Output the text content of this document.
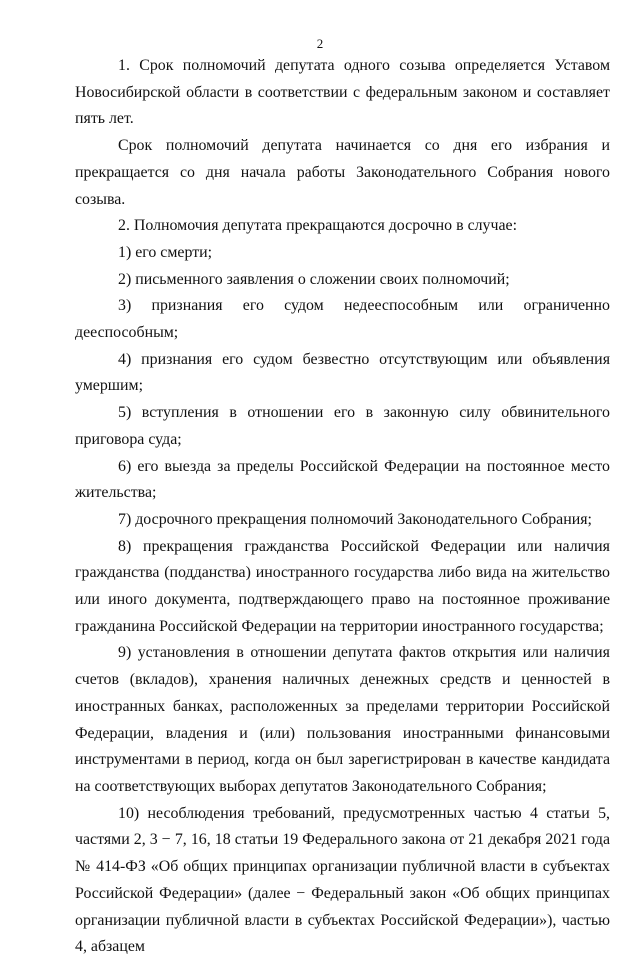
2

1. Срок полномочий депутата одного созыва определяется Уставом Новосибирской области в соответствии с федеральным законом и составляет пять лет.

Срок полномочий депутата начинается со дня его избрания и прекращается со дня начала работы Законодательного Собрания нового созыва.

2. Полномочия депутата прекращаются досрочно в случае:

1) его смерти;

2) письменного заявления о сложении своих полномочий;

3) признания его судом недееспособным или ограниченно дееспособным;

4) признания его судом безвестно отсутствующим или объявления умершим;

5) вступления в отношении его в законную силу обвинительного приговора суда;

6) его выезда за пределы Российской Федерации на постоянное место жительства;

7) досрочного прекращения полномочий Законодательного Собрания;

8) прекращения гражданства Российской Федерации или наличия гражданства (подданства) иностранного государства либо вида на жительство или иного документа, подтверждающего право на постоянное проживание гражданина Российской Федерации на территории иностранного государства;

9) установления в отношении депутата фактов открытия или наличия счетов (вкладов), хранения наличных денежных средств и ценностей в иностранных банках, расположенных за пределами территории Российской Федерации, владения и (или) пользования иностранными финансовыми инструментами в период, когда он был зарегистрирован в качестве кандидата на соответствующих выборах депутатов Законодательного Собрания;

10) несоблюдения требований, предусмотренных частью 4 статьи 5, частями 2, 3 − 7, 16, 18 статьи 19 Федерального закона от 21 декабря 2021 года № 414-ФЗ «Об общих принципах организации публичной власти в субъектах Российской Федерации» (далее − Федеральный закон «Об общих принципах организации публичной власти в субъектах Российской Федерации»), частью 4, абзацем
